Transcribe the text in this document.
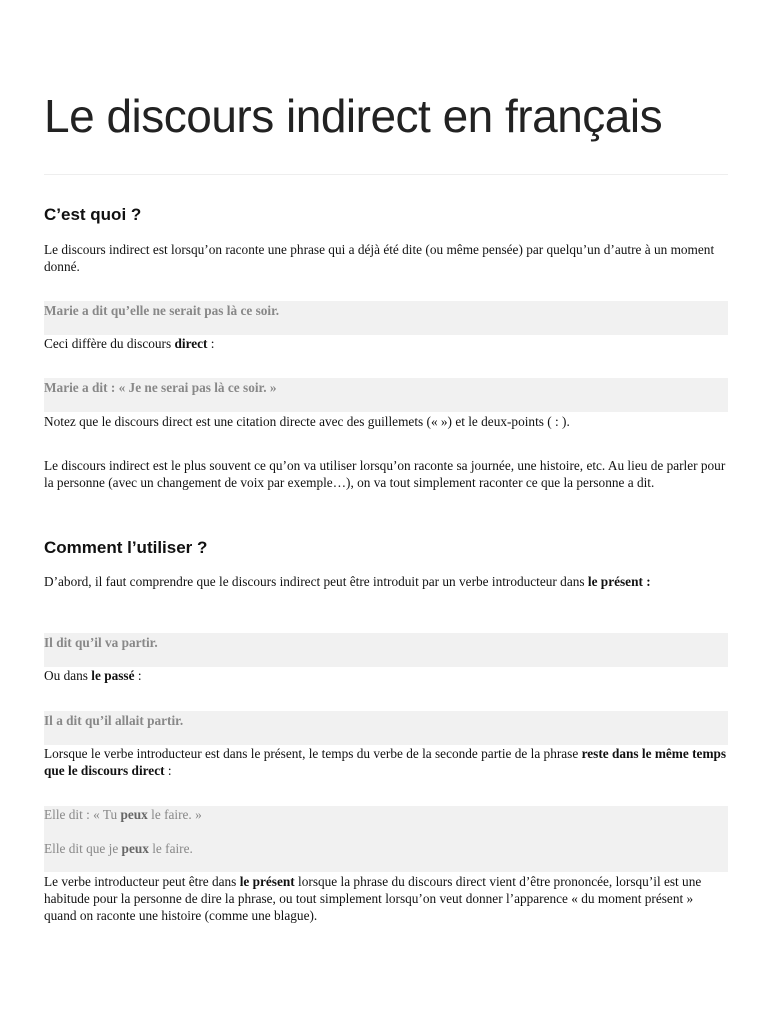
Le discours indirect en français
C’est quoi ?

Le discours indirect est lorsqu’on raconte une phrase qui a déjà été dite (ou même pensée) par quelqu’un d’autre à un moment donné.

Marie a dit qu’elle ne serait pas là ce soir.

Ceci diffère du discours direct :

Marie a dit : « Je ne serai pas là ce soir. »

Notez que le discours direct est une citation directe avec des guillemets (« ») et le deux-points ( : ).

Le discours indirect est le plus souvent ce qu’on va utiliser lorsqu’on raconte sa journée, une histoire, etc. Au lieu de parler pour la personne (avec un changement de voix par exemple…), on va tout simplement raconter ce que la personne a dit.

Comment l’utiliser ?

D’abord, il faut comprendre que le discours indirect peut être introduit par un verbe introducteur dans le présent :

Il dit qu’il va partir.

Ou dans le passé :

Il a dit qu’il allait partir.

Lorsque le verbe introducteur est dans le présent, le temps du verbe de la seconde partie de la phrase reste dans le même temps que le discours direct :

Elle dit : « Tu peux le faire. »

Elle dit que je peux le faire.

Le verbe introducteur peut être dans le présent lorsque la phrase du discours direct vient d’être prononcée, lorsqu’il est une habitude pour la personne de dire la phrase, ou tout simplement lorsqu’on veut donner l’apparence « du moment présent » quand on raconte une histoire (comme une blague).
